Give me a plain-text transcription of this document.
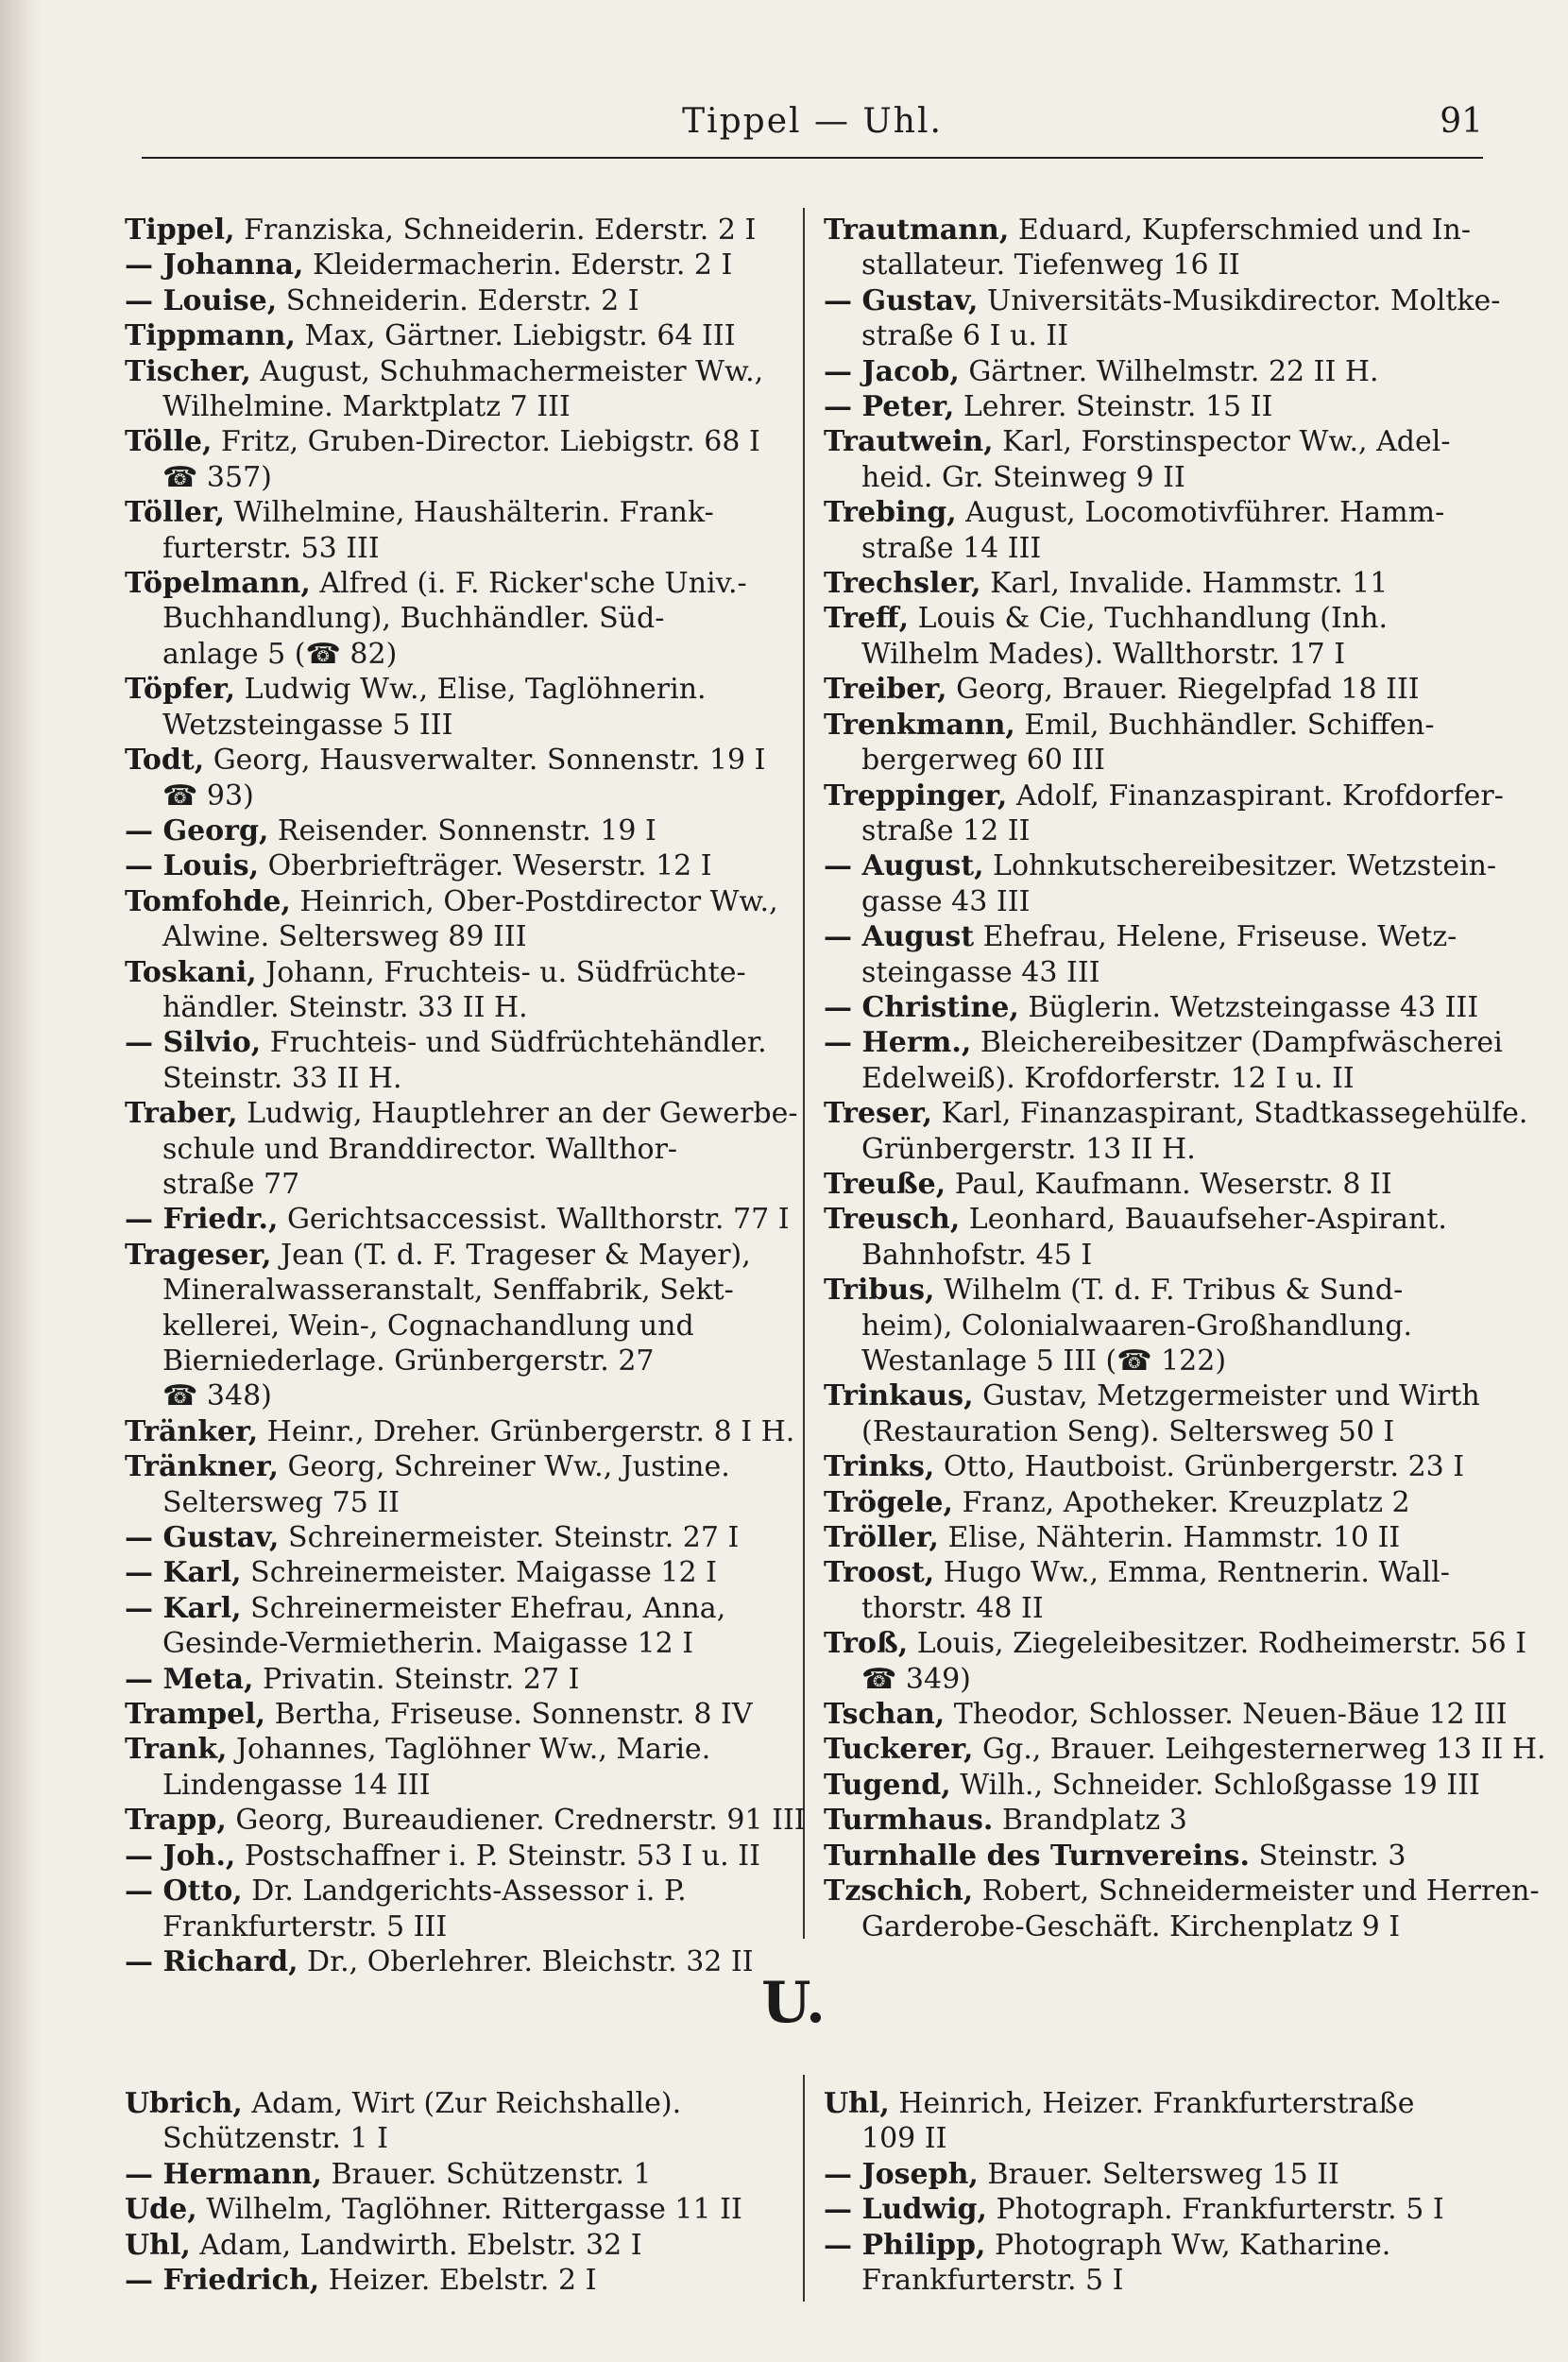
Tippel — Uhl.	91
Tippel, Franziska, Schneiderin. Ederstr. 2 I
— Johanna, Kleidermacherin. Ederstr. 2 I
— Louise, Schneiderin. Ederstr. 2 I
Tippmann, Max, Gärtner. Liebigstr. 64 III
Tischer, August, Schuhmachermeister Ww.,
Wilhelmine. Marktplatz 7 III
Tölle, Fritz, Gruben-Director. Liebigstr. 68 I
☎ 357)
Töller, Wilhelmine, Haushälterin. Frank-
furterstr. 53 III
Töpelmann, Alfred (i. F. Ricker'sche Univ.-
Buchhandlung), Buchhändler. Süd-
anlage 5 (☎ 82)
Töpfer, Ludwig Ww., Elise, Taglöhnerin.
Wetzsteingasse 5 III
Todt, Georg, Hausverwalter. Sonnenstr. 19 I
☎ 93)
— Georg, Reisender. Sonnenstr. 19 I
— Louis, Oberbriefträger. Weserstr. 12 I
Tomfohde, Heinrich, Ober-Postdirector Ww.,
Alwine. Seltersweg 89 III
Toskani, Johann, Fruchteis- u. Südfrüchte-
händler. Steinstr. 33 II H.
— Silvio, Fruchteis- und Südfrüchtehändler.
Steinstr. 33 II H.
Traber, Ludwig, Hauptlehrer an der Gewerbe-
schule und Branddirector. Wallthor-
straße 77
— Friedr., Gerichtsaccessist. Wallthorstr. 77 I
Trageser, Jean (T. d. F. Trageser & Mayer),
Mineralwasseranstalt, Senffabrik, Sekt-
kellerei, Wein-, Cognachandlung und
Bierniederlage. Grünbergerstr. 27
☎ 348)
Tränker, Heinr., Dreher. Grünbergerstr. 8 I H.
Tränkner, Georg, Schreiner Ww., Justine.
Seltersweg 75 II
— Gustav, Schreinermeister. Steinstr. 27 I
— Karl, Schreinermeister. Maigasse 12 I
— Karl, Schreinermeister Ehefrau, Anna,
Gesinde-Vermietherin. Maigasse 12 I
— Meta, Privatin. Steinstr. 27 I
Trampel, Bertha, Friseuse. Sonnenstr. 8 IV
Trank, Johannes, Taglöhner Ww., Marie.
Lindengasse 14 III
Trapp, Georg, Bureaudiener. Crednerstr. 91 III
— Joh., Postschaffner i. P. Steinstr. 53 I u. II
— Otto, Dr. Landgerichts-Assessor i. P.
Frankfurterstr. 5 III
— Richard, Dr., Oberlehrer. Bleichstr. 32 II
Trautmann, Eduard, Kupferschmied und In-
stallateur. Tiefenweg 16 II
— Gustav, Universitäts-Musikdirector. Moltke-
straße 6 I u. II
— Jacob, Gärtner. Wilhelmstr. 22 II H.
— Peter, Lehrer. Steinstr. 15 II
Trautwein, Karl, Forstinspector Ww., Adel-
heid. Gr. Steinweg 9 II
Trebing, August, Locomotivführer. Hamm-
straße 14 III
Trechsler, Karl, Invalide. Hammstr. 11
Treff, Louis & Cie, Tuchhandlung (Inh.
Wilhelm Mades). Wallthorstr. 17 I
Treiber, Georg, Brauer. Riegelpfad 18 III
Trenkmann, Emil, Buchhändler. Schiffen-
bergerweg 60 III
Treppinger, Adolf, Finanzaspirant. Krofdorfer-
straße 12 II
— August, Lohnkutschereibesitzer. Wetzstein-
gasse 43 III
— August Ehefrau, Helene, Friseuse. Wetz-
steingasse 43 III
— Christine, Büglerin. Wetzsteingasse 43 III
— Herm., Bleichereibesitzer (Dampfwäscherei
Edelweiß). Krofdorferstr. 12 I u. II
Treser, Karl, Finanzaspirant, Stadtkassegehülfe.
Grünbergerstr. 13 II H.
Treuße, Paul, Kaufmann. Weserstr. 8 II
Treusch, Leonhard, Bauaufseher-Aspirant.
Bahnhofstr. 45 I
Tribus, Wilhelm (T. d. F. Tribus & Sund-
heim), Colonialwaaren-Großhandlung.
Westanlage 5 III (☎ 122)
Trinkaus, Gustav, Metzgermeister und Wirth
(Restauration Seng). Seltersweg 50 I
Trinks, Otto, Hautboist. Grünbergerstr. 23 I
Trögele, Franz, Apotheker. Kreuzplatz 2
Tröller, Elise, Nähterin. Hammstr. 10 II
Troost, Hugo Ww., Emma, Rentnerin. Wall-
thorstr. 48 II
Troß, Louis, Ziegeleibesitzer. Rodheimerstr. 56 I
☎ 349)
Tschan, Theodor, Schlosser. Neuen-Bäue 12 III
Tuckerer, Gg., Brauer. Leihgesternerweg 13 II H.
Tugend, Wilh., Schneider. Schloßgasse 19 III
Turmhaus. Brandplatz 3
Turnhalle des Turnvereins. Steinstr. 3
Tzschich, Robert, Schneidermeister und Herren-
Garderobe-Geschäft. Kirchenplatz 9 I
U.
Ubrich, Adam, Wirt (Zur Reichshalle).
Schützenstr. 1 I
— Hermann, Brauer. Schützenstr. 1
Ude, Wilhelm, Taglöhner. Rittergasse 11 II
Uhl, Adam, Landwirth. Ebelstr. 32 I
— Friedrich, Heizer. Ebelstr. 2 I
Uhl, Heinrich, Heizer. Frankfurterstraße
109 II
— Joseph, Brauer. Seltersweg 15 II
— Ludwig, Photograph. Frankfurterstr. 5 I
— Philipp, Photograph Ww, Katharine.
Frankfurterstr. 5 I
